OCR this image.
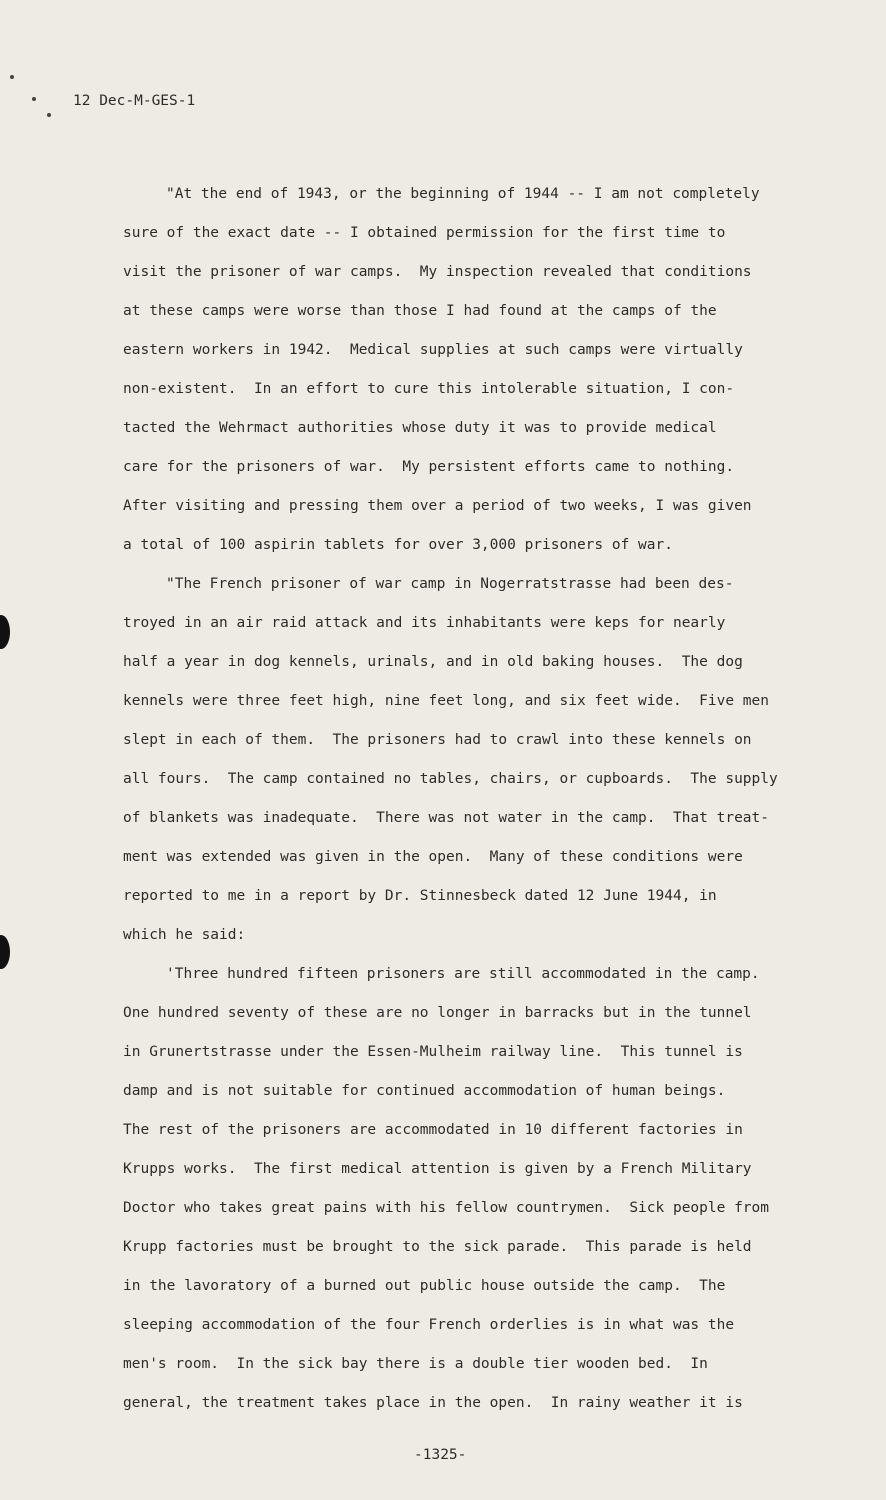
12 Dec-M-GES-1
"At the end of 1943, or the beginning of 1944 -- I am not completely
sure of the exact date -- I obtained permission for the first time to
visit the prisoner of war camps.  My inspection revealed that conditions
at these camps were worse than those I had found at the camps of the
eastern workers in 1942.  Medical supplies at such camps were virtually
non-existent.  In an effort to cure this intolerable situation, I con-
tacted the Wehrmact authorities whose duty it was to provide medical
care for the prisoners of war.  My persistent efforts came to nothing.
After visiting and pressing them over a period of two weeks, I was given
a total of 100 aspirin tablets for over 3,000 prisoners of war.
"The French prisoner of war camp in Nogerratstrasse had been des-
troyed in an air raid attack and its inhabitants were keps for nearly
half a year in dog kennels, urinals, and in old baking houses.  The dog
kennels were three feet high, nine feet long, and six feet wide.  Five men
slept in each of them.  The prisoners had to crawl into these kennels on
all fours.  The camp contained no tables, chairs, or cupboards.  The supply
of blankets was inadequate.  There was not water in the camp.  That treat-
ment was extended was given in the open.  Many of these conditions were
reported to me in a report by Dr. Stinnesbeck dated 12 June 1944, in
which he said:
'Three hundred fifteen prisoners are still accommodated in the camp.
One hundred seventy of these are no longer in barracks but in the tunnel
in Grunertstrasse under the Essen-Mulheim railway line.  This tunnel is
damp and is not suitable for continued accommodation of human beings.
The rest of the prisoners are accommodated in 10 different factories in
Krupps works.  The first medical attention is given by a French Military
Doctor who takes great pains with his fellow countrymen.  Sick people from
Krupp factories must be brought to the sick parade.  This parade is held
in the lavoratory of a burned out public house outside the camp.  The
sleeping accommodation of the four French orderlies is in what was the
men's room.  In the sick bay there is a double tier wooden bed.  In
general, the treatment takes place in the open.  In rainy weather it is
-1325-
